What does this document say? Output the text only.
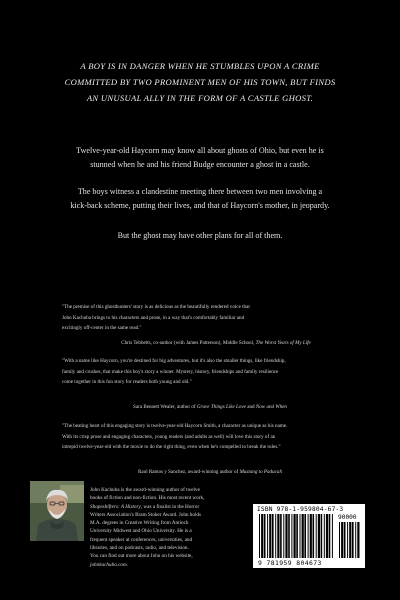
A BOY IS IN DANGER WHEN HE STUMBLES UPON A CRIME
COMMITTED BY TWO PROMINENT MEN OF HIS TOWN, BUT FINDS
AN UNUSUAL ALLY IN THE FORM OF A CASTLE GHOST.

Twelve-year-old Haycorn may know all about ghosts of Ohio, but even he is
stunned when he and his friend Budge encounter a ghost in a castle.

The boys witness a clandestine meeting there between two men involving a
kick-back scheme, putting their lives, and that of Haycorn's mother, in jeopardy.

But the ghost may have other plans for all of them.

"The premise of this ghosthunters' story is as delicious as the beautifully rendered voice that
John Kachuba brings to his characters and prose, in a way that's comfortably familiar and
excitingly off-center in the same read."

Chris Tebbetts, co-author (with James Patterson), Middle School, The Worst Years of My Life

"With a name like Haycorn, you're destined for big adventures, but it's also the smaller things, like friendship,
family and crushes, that make this boy's story a winner. Mystery, history, friendships and family resilience
come together in this fun story for readers both young and old."

Sara Bennett Wealer, author of Grave Things Like Love and Now and When

"The beating heart of this engaging story is twelve-year-old Haycorn Smith, a character as unique as his name.
With its crisp prose and engaging characters, young readers (and adults as well) will love this story of an
intrepid twelve-year-old with the moxie to do the right thing, even when he's compelled to break the rules."

Raul Ramos y Sanchez, award-winning author of Mustang to Paducah

John Kachuba is the award-winning author of twelve
books of fiction and non-fiction. His most recent work,
Shapeshifters: A History, was a finalist in the Horror
Writers Association's Bram Stoker Award. John holds
M.A. degrees in Creative Writing from Antioch
University Midwest and Ohio University. He is a
frequent speaker at conferences, universities, and
libraries, and on podcasts, radio, and television.
You can find out more about John on his website,
johnkachuba.com.

ISBN 978-1-959804-67-3
90000
9 781959 804673
